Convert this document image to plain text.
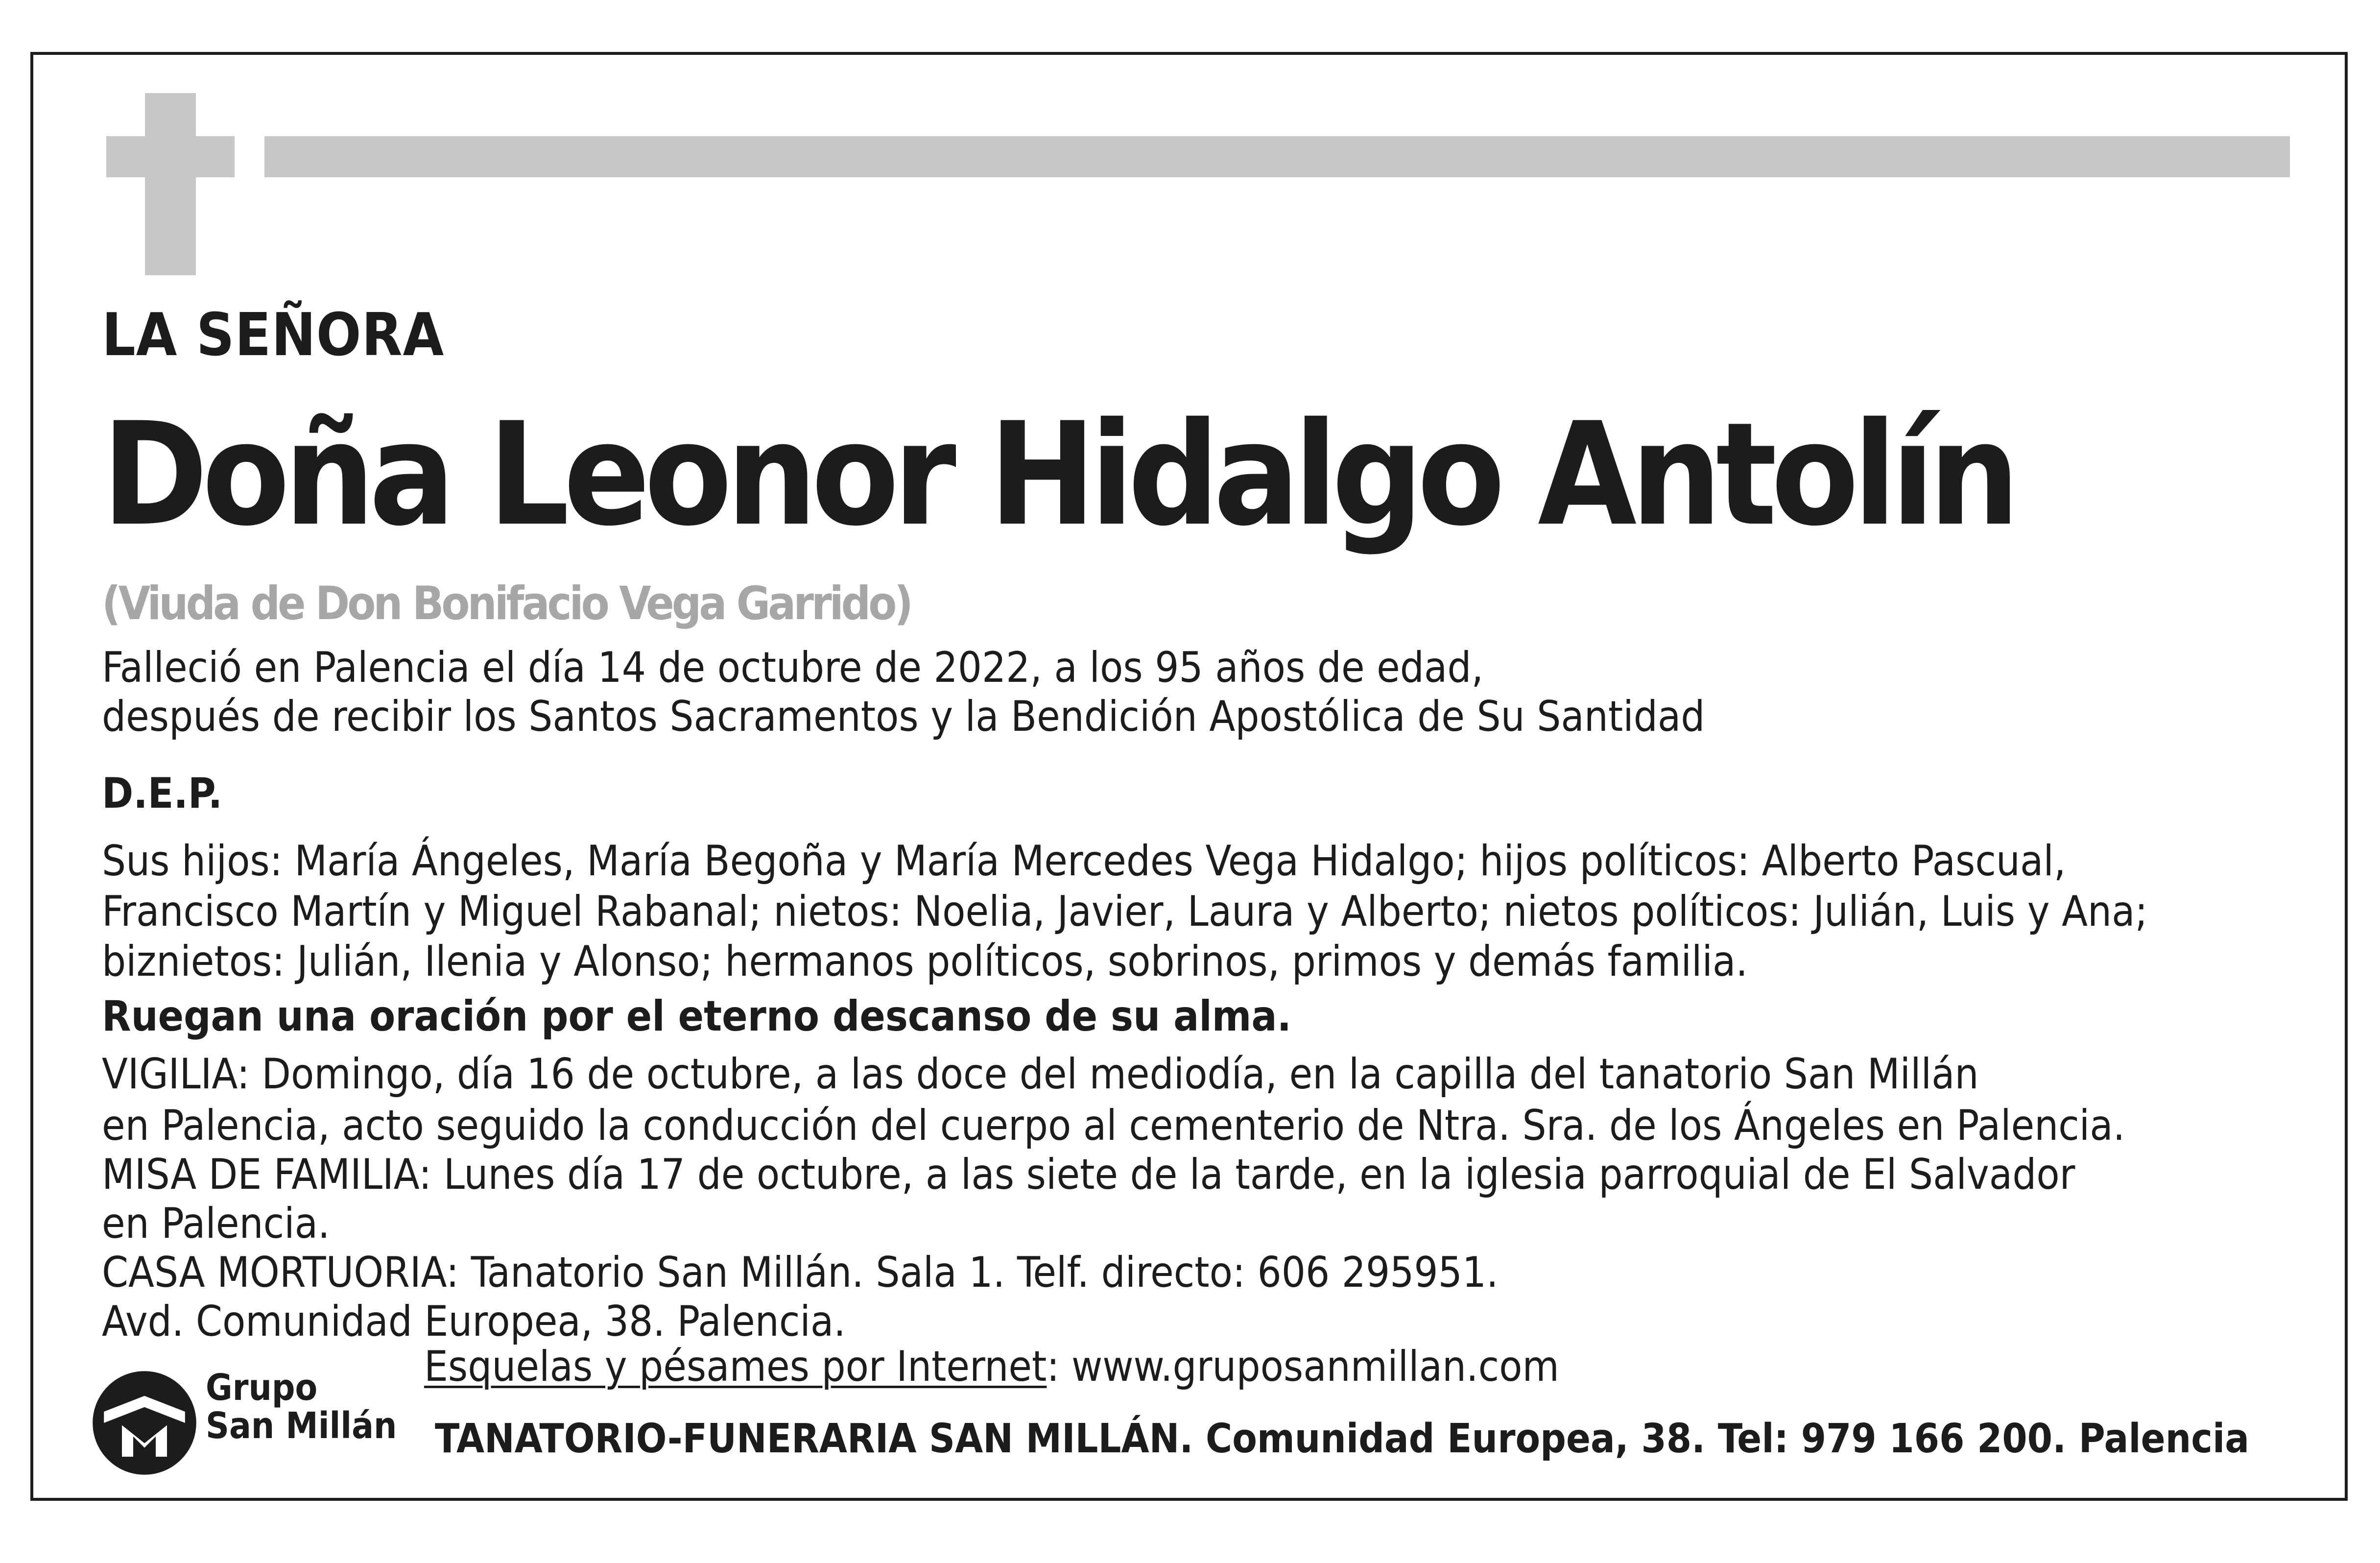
LA SEÑORA
Doña Leonor Hidalgo Antolín
(Viuda de Don Bonifacio Vega Garrido)
Falleció en Palencia el día 14 de octubre de 2022, a los 95 años de edad,
después de recibir los Santos Sacramentos y la Bendición Apostólica de Su Santidad
D.E.P.
Sus hijos: María Ángeles, María Begoña y María Mercedes Vega Hidalgo; hijos políticos: Alberto Pascual,
Francisco Martín y Miguel Rabanal; nietos: Noelia, Javier, Laura y Alberto; nietos políticos: Julián, Luis y Ana;
biznietos: Julián, Ilenia y Alonso; hermanos políticos, sobrinos, primos y demás familia.
Ruegan una oración por el eterno descanso de su alma.
VIGILIA: Domingo, día 16 de octubre, a las doce del mediodía, en la capilla del tanatorio San Millán
en Palencia, acto seguido la conducción del cuerpo al cementerio de Ntra. Sra. de los Ángeles en Palencia.
MISA DE FAMILIA: Lunes día 17 de octubre, a las siete de la tarde, en la iglesia parroquial de El Salvador
en Palencia.
CASA MORTUORIA: Tanatorio San Millán. Sala 1. Telf. directo: 606 295951.
Avd. Comunidad Europea, 38. Palencia.
Esquelas y pésames por Internet: www.gruposanmillan.com
Grupo
San Millán TANATORIO-FUNERARIA SAN MILLÁN. Comunidad Europea, 38. Tel: 979 166 200. Palencia
